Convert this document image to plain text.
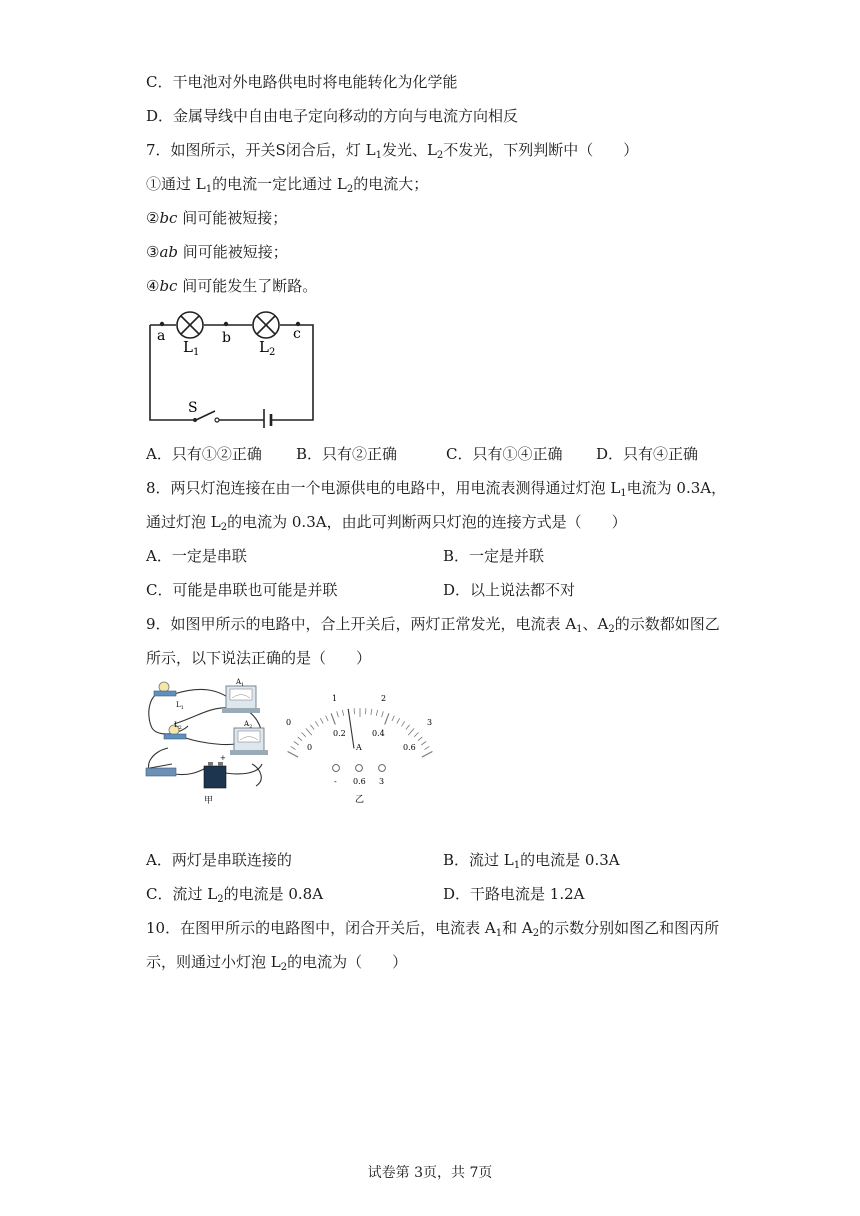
C．干电池对外电路供电时将电能转化为化学能
D．金属导线中自由电子定向移动的方向与电流方向相反
7．如图所示，开关S闭合后，灯 $L_1$发光、$L_2$不发光，下列判断中（　　）
①通过 $L_1$的电流一定比通过 $L_2$的电流大；
②bc 间可能被短接；
③ab 间可能被短接；
④bc 间可能发生了断路。
a	b	c
$L_1$	$L_2$
S
A．只有①②正确 B．只有②正确	C．只有①④正确 D．只有④正确
8．两只灯泡连接在由一个电源供电的电路中，用电流表测得通过灯泡 $L_1$电流为 0.3A，
通过灯泡 $L_2$的电流为 0.3A，由此可判断两只灯泡的连接方式是（　　）
A．一定是串联	B．一定是并联
C．可能是串联也可能是并联	D．以上说法都不对
9．如图甲所示的电路中，合上开关后，两灯正常发光，电流表 $A_1$、$A_2$的示数都如图乙
所示，以下说法正确的是（　　）
$L_1$
$L_2$
$A_1$
$A_2$
+
甲
0
1	2
3
0
0.2	0.4
0.6
A
- 0.6 3
乙
A．两灯是串联连接的	B．流过 $L_1$的电流是 0.3A
C．流过 $L_2$的电流是 0.8A	D．干路电流是 1.2A
10．在图甲所示的电路图中，闭合开关后，电流表 $A_1$和 $A_2$的示数分别如图乙和图丙所
示，则通过小灯泡 $L_2$的电流为（　　）
试卷第 3页，共 7页
